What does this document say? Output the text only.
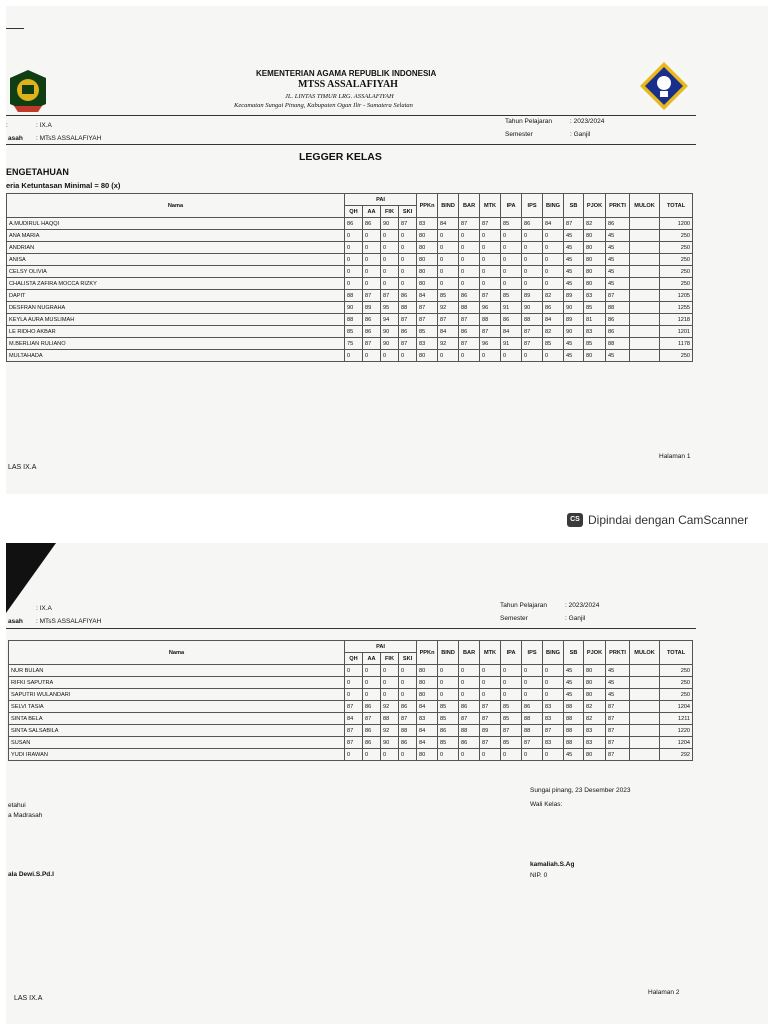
KEMENTERIAN AGAMA REPUBLIK INDONESIA
MTSS ASSALAFIYAH
JL. LINTAS TIMUR LRG. ASSALAFIYAH
Kecamatan Sungai Pinang, Kabupaten Ogan Ilir - Sumatera Selatan
:	: IX.A
asah : MTsS ASSALAFIYAH
Tahun Pelajaran	: 2023/2024
Semester	: Ganjil
LEGGER KELAS
ENGETAHUAN
eria Ketuntasan Minimal = 80 (x)
Nama	PAI				PPKn	BIND	BAR	MTK	IPA	IPS	BING	SB	PJOK	PRKTI	MULOK	TOTAL
	QH	AA	FIK	SKI												
A.MUDIRUL HAQQI	86	86	90	87	83	84	87	87	85	86	84	87	82	86		1200
ANA MARIA	0	0	0	0	80	0	0	0	0	0	0	45	80	45		250
ANDRIAN	0	0	0	0	80	0	0	0	0	0	0	45	80	45		250
ANISA	0	0	0	0	80	0	0	0	0	0	0	45	80	45		250
CELSY OLIVIA	0	0	0	0	80	0	0	0	0	0	0	45	80	45		250
CHALISTA ZAFIRA MOCCA RIZKY	0	0	0	0	80	0	0	0	0	0	0	45	80	45		250
DAPIT	88	87	87	86	84	85	86	87	85	89	82	89	83	87		1205
DESFRAN NUGRAHA	90	89	95	88	87	92	88	96	91	90	86	90	85	88		1255
KEYLA AURA MUSLIMAH	88	86	94	87	87	87	87	88	86	88	84	89	81	86		1218
LE RIDHO AKBAR	85	86	90	86	85	84	86	87	84	87	82	90	83	86		1201
M.BERLIAN RULIANO	75	87	90	87	83	92	87	96	91	87	85	45	85	88		1178
MULTAHADA	0	0	0	0	80	0	0	0	0	0	0	45	80	45		250
LAS IX.A
Halaman 1
CS Dipindai dengan CamScanner
: IX.A
asah : MTsS ASSALAFIYAH
Tahun Pelajaran	: 2023/2024
Semester	: Ganjil
Nama	PAI				PPKn	BIND	BAR	MTK	IPA	IPS	BING	SB	PJOK	PRKTI	MULOK	TOTAL
	QH	AA	FIK	SKI												
NUR BULAN	0	0	0	0	80	0	0	0	0	0	0	45	80	45		250
RIFKI SAPUTRA	0	0	0	0	80	0	0	0	0	0	0	45	80	45		250
SAPUTRI WULANDARI	0	0	0	0	80	0	0	0	0	0	0	45	80	45		250
SELVI TASIA	87	86	92	86	84	85	86	87	85	86	83	88	82	87		1204
SINTA BELA	84	87	88	87	83	85	87	87	85	88	83	88	82	87		1211
SINTA SALSABILA	87	86	92	88	84	86	88	89	87	88	87	88	83	87		1220
SUSAN	87	86	90	86	84	85	86	87	85	87	83	88	83	87		1204
YUDI IRAWAN	0	0	0	0	80	0	0	0	0	0	0	45	80	87		292
Sungai pinang, 23 Desember 2023
Wali Kelas:
etahui
a Madrasah
ala Dewi.S.Pd.I
kamaliah.S.Ag
NIP. 0
LAS IX.A
Halaman 2
